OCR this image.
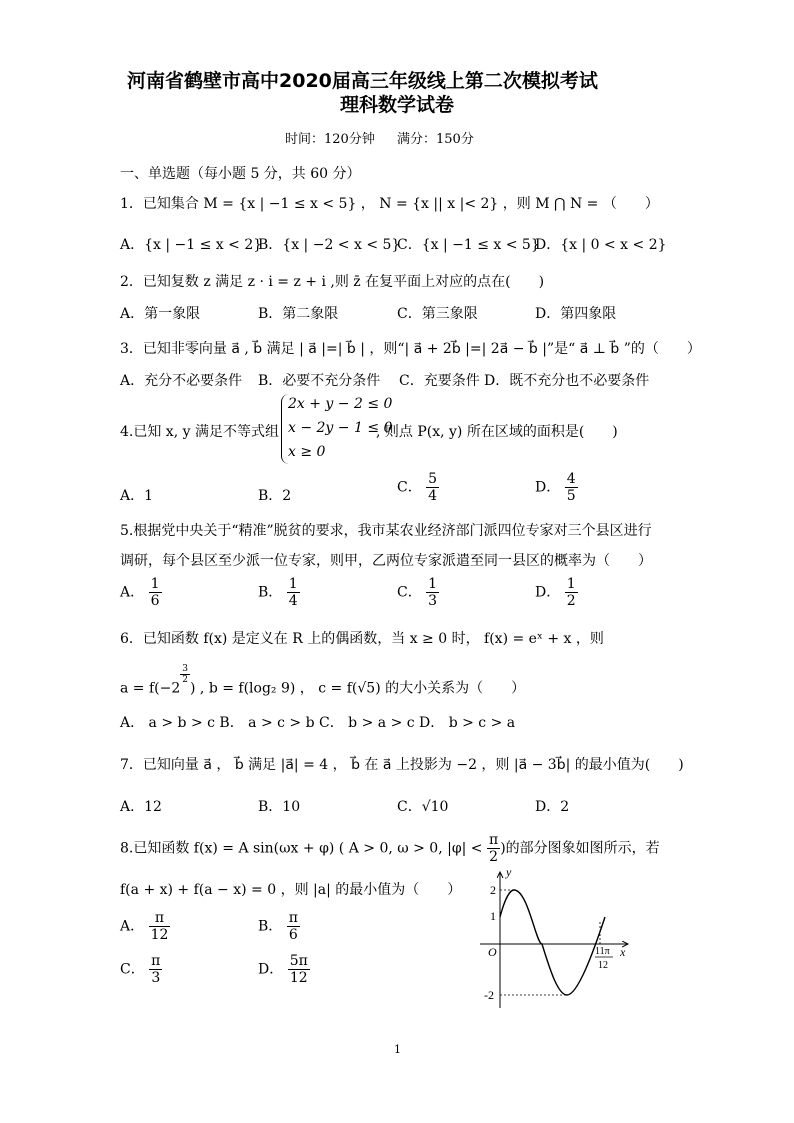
河南省鹤壁市高中2020届高三年级线上第二次模拟考试
理科数学试卷
时间：120分钟 满分：150分
一、单选题（每小题 5 分，共 60 分）
1．已知集合 M = {x | −1 ≤ x < 5} ， N = {x || x |< 2} ，则 M ⋂ N = （　　）
A．{x | −1 ≤ x < 2}
B．{x | −2 < x < 5}
C．{x | −1 ≤ x < 5}
D．{x | 0 < x < 2}
2．已知复数 z 满足 z · i = z + i ,则 z̄ 在复平面上对应的点在(　　)
A．第一象限	B．第二象限	C．第三象限	D．第四象限
3．已知非零向量 a⃗ , b⃗ 满足 | a⃗ |=| b⃗ | ，则“| a⃗ + 2b⃗ |=| 2a⃗ − b⃗ |”是“ a⃗ ⊥ b⃗ ”的（　　）
A．充分不必要条件 B．必要不充分条件 C．充要条件 D．既不充分也不必要条件
4.已知 x, y 满足不等式组
2x + y − 2 ≤ 0
x − 2y − 1 ≤ 0
x ≥ 0
, 则点 P(x, y) 所在区域的面积是(　　)
A．1	B．2
C． $\frac{5}{4}$	D． $\frac{4}{5}$
5.根据党中央关于“精准”脱贫的要求，我市某农业经济部门派四位专家对三个县区进行
调研，每个县区至少派一位专家，则甲，乙两位专家派遣至同一县区的概率为（　　）
A． $\frac{1}{6}$	B． $\frac{1}{4}$	C． $\frac{1}{3}$	D． $\frac{1}{2}$
6．已知函数 f(x) 是定义在 R 上的偶函数，当 x ≥ 0 时， f(x) = eˣ + x ，则
a = f(−2
$\frac{3}{2}$
) , b = f(log₂ 9) ， c = f(√5) 的大小关系为（　　）
A． a > b > c B． a > c > b C． b > a > c D． b > c > a
7．已知向量 a⃗ ， b⃗ 满足 |a⃗| = 4 ， b⃗ 在 a⃗ 上投影为 −2 ，则 |a⃗ − 3b⃗| 的最小值为(　　)
A．12	B．10	C．√10	D．2
8.已知函数 f(x) = A sin(ωx + φ) ( A > 0, ω > 0, $|\varphi| < \frac{\pi}{2}$ )的部分图象如图所示，若
f(a + x) + f(a − x) = 0 ，则 |a| 的最小值为（　　）
A． $\frac{\pi}{12}$	B． $\frac{\pi}{6}$
C． $\frac{\pi}{3}$	D． $\frac{5\pi}{12}$
y
x
O
2
1
-2
11π
12
1
